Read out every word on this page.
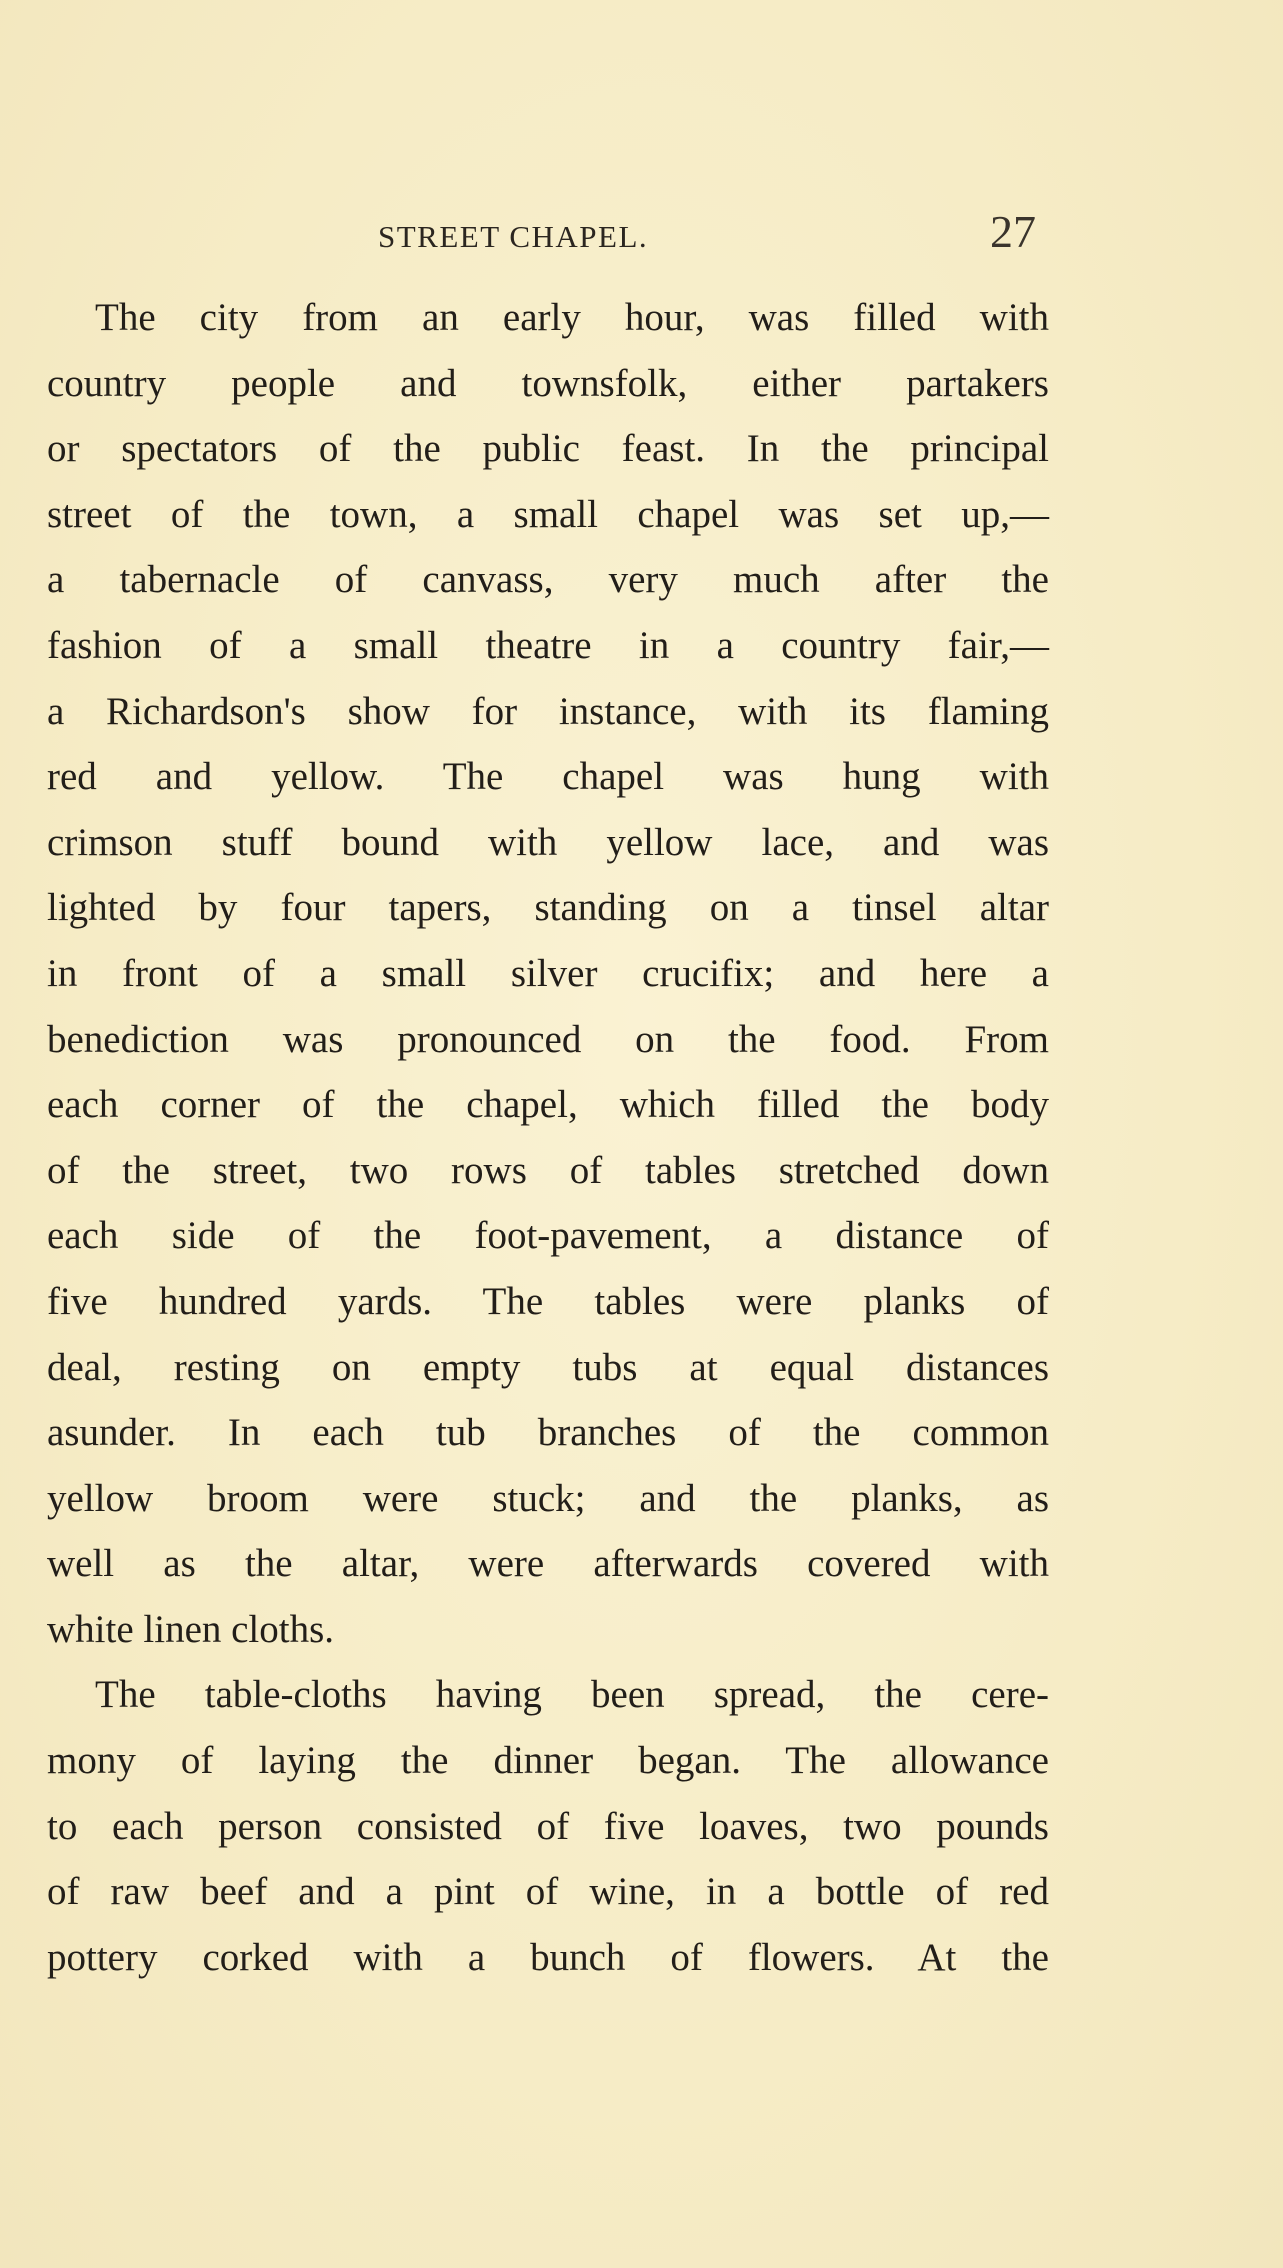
STREET CHAPEL.	27
The city from an early hour, was filled with
country people and townsfolk, either partakers
or spectators of the public feast. In the principal
street of the town, a small chapel was set up,—
a tabernacle of canvass, very much after the
fashion of a small theatre in a country fair,—
a Richardson's show for instance, with its flaming
red and yellow. The chapel was hung with
crimson stuff bound with yellow lace, and was
lighted by four tapers, standing on a tinsel altar
in front of a small silver crucifix; and here a
benediction was pronounced on the food. From
each corner of the chapel, which filled the body
of the street, two rows of tables stretched down
each side of the foot-pavement, a distance of
five hundred yards. The tables were planks of
deal, resting on empty tubs at equal distances
asunder. In each tub branches of the common
yellow broom were stuck; and the planks, as
well as the altar, were afterwards covered with
white linen cloths.
The table-cloths having been spread, the cere-
mony of laying the dinner began. The allowance
to each person consisted of five loaves, two pounds
of raw beef and a pint of wine, in a bottle of red
pottery corked with a bunch of flowers. At the
